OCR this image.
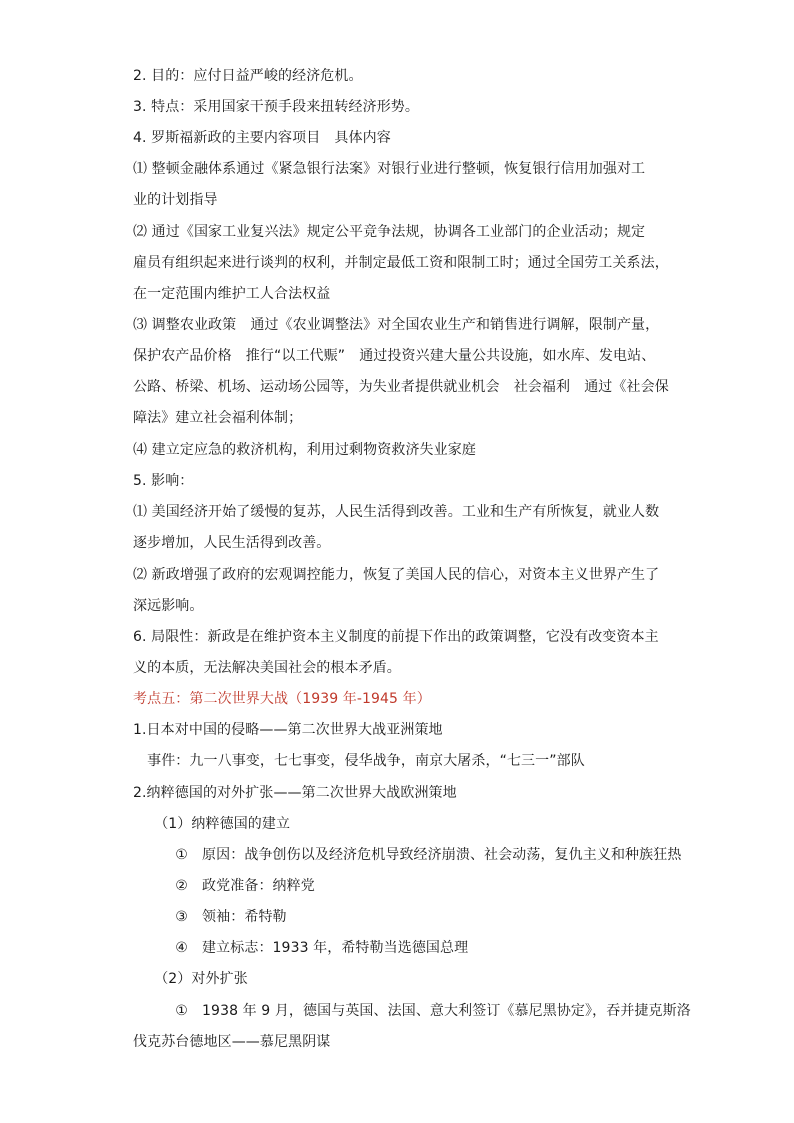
2. 目的：应付日益严峻的经济危机。
3. 特点：采用国家干预手段来扭转经济形势。
4. 罗斯福新政的主要内容项目　具体内容
⑴ 整顿金融体系通过《紧急银行法案》对银行业进行整顿，恢复银行信用加强对工
业的计划指导
⑵ 通过《国家工业复兴法》规定公平竞争法规，协调各工业部门的企业活动；规定
雇员有组织起来进行谈判的权利，并制定最低工资和限制工时；通过全国劳工关系法，
在一定范围内维护工人合法权益
⑶ 调整农业政策　通过《农业调整法》对全国农业生产和销售进行调解，限制产量，
保护农产品价格　推行“以工代赈”　通过投资兴建大量公共设施，如水库、发电站、
公路、桥梁、机场、运动场公园等，为失业者提供就业机会　社会福利　通过《社会保
障法》建立社会福利体制；
⑷ 建立定应急的救济机构，利用过剩物资救济失业家庭
5. 影响：
⑴ 美国经济开始了缓慢的复苏，人民生活得到改善。工业和生产有所恢复，就业人数
逐步增加，人民生活得到改善。
⑵ 新政增强了政府的宏观调控能力，恢复了美国人民的信心，对资本主义世界产生了
深远影响。
6. 局限性：新政是在维护资本主义制度的前提下作出的政策调整，它没有改变资本主
义的本质，无法解决美国社会的根本矛盾。
考点五：第二次世界大战（1939 年-1945 年）
1.日本对中国的侵略——第二次世界大战亚洲策地
　事件：九一八事变，七七事变，侵华战争，南京大屠杀，“七三一”部队
2.纳粹德国的对外扩张——第二次世界大战欧洲策地
　　（1）纳粹德国的建立
　　　①　原因：战争创伤以及经济危机导致经济崩溃、社会动荡，复仇主义和种族狂热
　　　②　政党准备：纳粹党
　　　③　领袖：希特勒
　　　④　建立标志：1933 年，希特勒当选德国总理
　　（2）对外扩张
　　　①　1938 年 9 月，德国与英国、法国、意大利签订《慕尼黑协定》，吞并捷克斯洛
伐克苏台德地区——慕尼黑阴谋
